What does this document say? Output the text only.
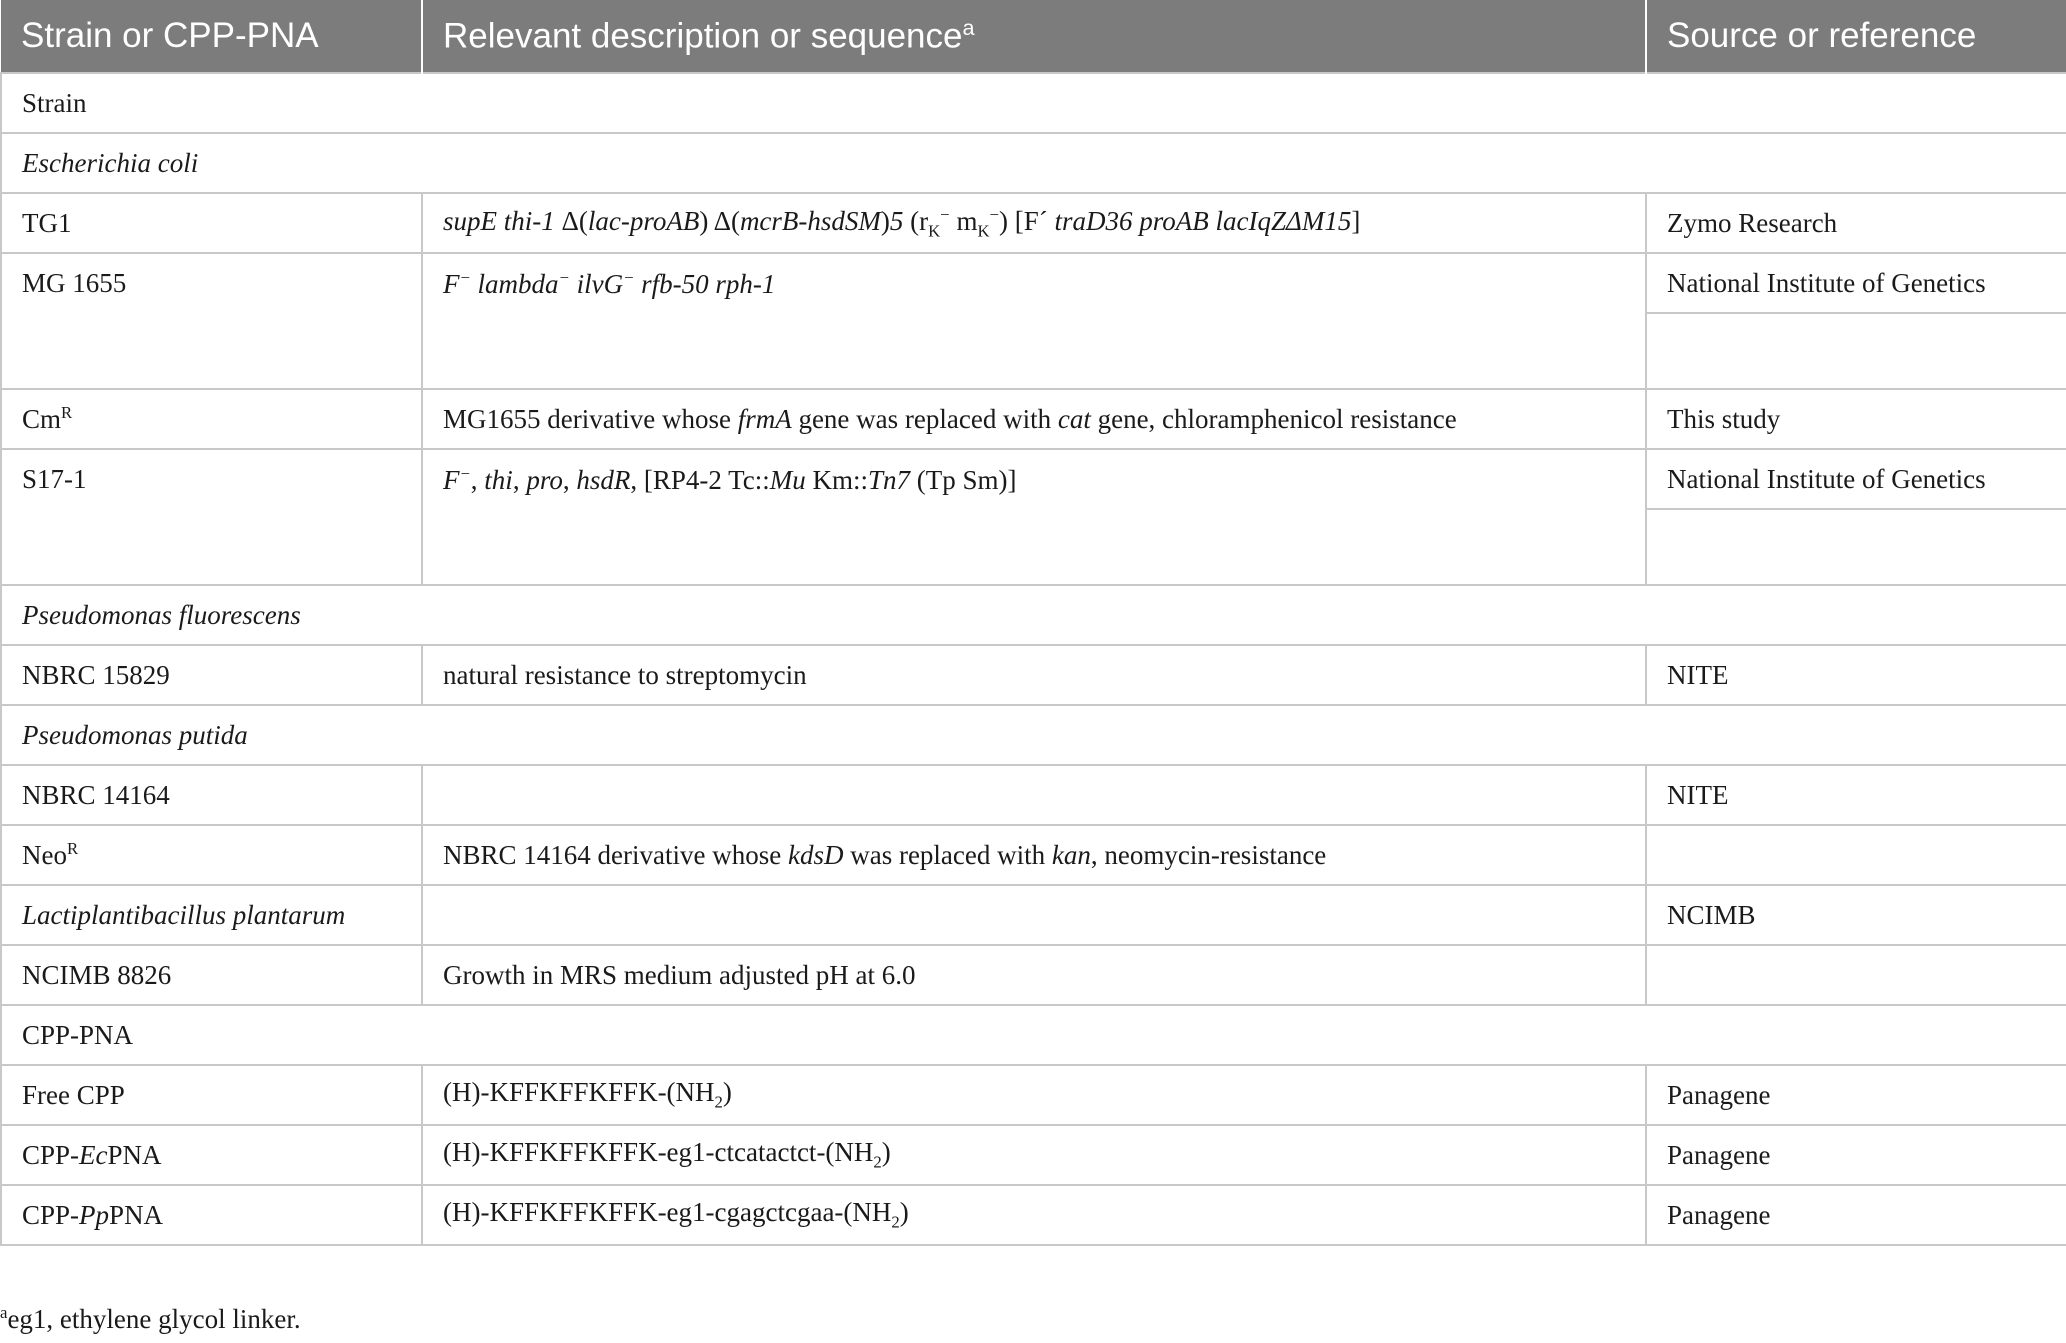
Strain or CPP-PNA	Relevant description or sequence$^a$	Source or reference
Strain		
Escherichia coli		
TG1	supE thi-1 Δ(lac-proAB) Δ(mcrB-hsdSM)5 ($r_K^-$ $m_K^-$) [F´ traD36 proAB lacIqZΔM15]	Zymo Research
MG 1655	F− lambda− ilvG− rfb-50 rph-1	National Institute of Genetics

$Cm^R$	MG1655 derivative whose frmA gene was replaced with cat gene, chloramphenicol resistance	This study
S17-1	F−, thi, pro, hsdR, [RP4-2 Tc::Mu Km::Tn7 (Tp Sm)]	National Institute of Genetics

Pseudomonas fluorescens		
NBRC 15829	natural resistance to streptomycin	NITE
Pseudomonas putida		
NBRC 14164		NITE
Neo$^R$	NBRC 14164 derivative whose kdsD was replaced with kan, neomycin-resistance	
Lactiplantibacillus plantarum		NCIMB
NCIMB 8826	Growth in MRS medium adjusted pH at 6.0	
CPP-PNA		
Free CPP	$(H)-KFFKFFKFFK-(NH_2)$	Panagene
CPP-EcPNA	$(H)-KFFKFFKFFK-eg1-ctcatactct-(NH_2)$	Panagene
CPP-PpPNA	$(H)-KFFKFFKFFK-eg1-cgagctcgaa-(NH_2)$	Panagene
$^a$eg1, ethylene glycol linker.
